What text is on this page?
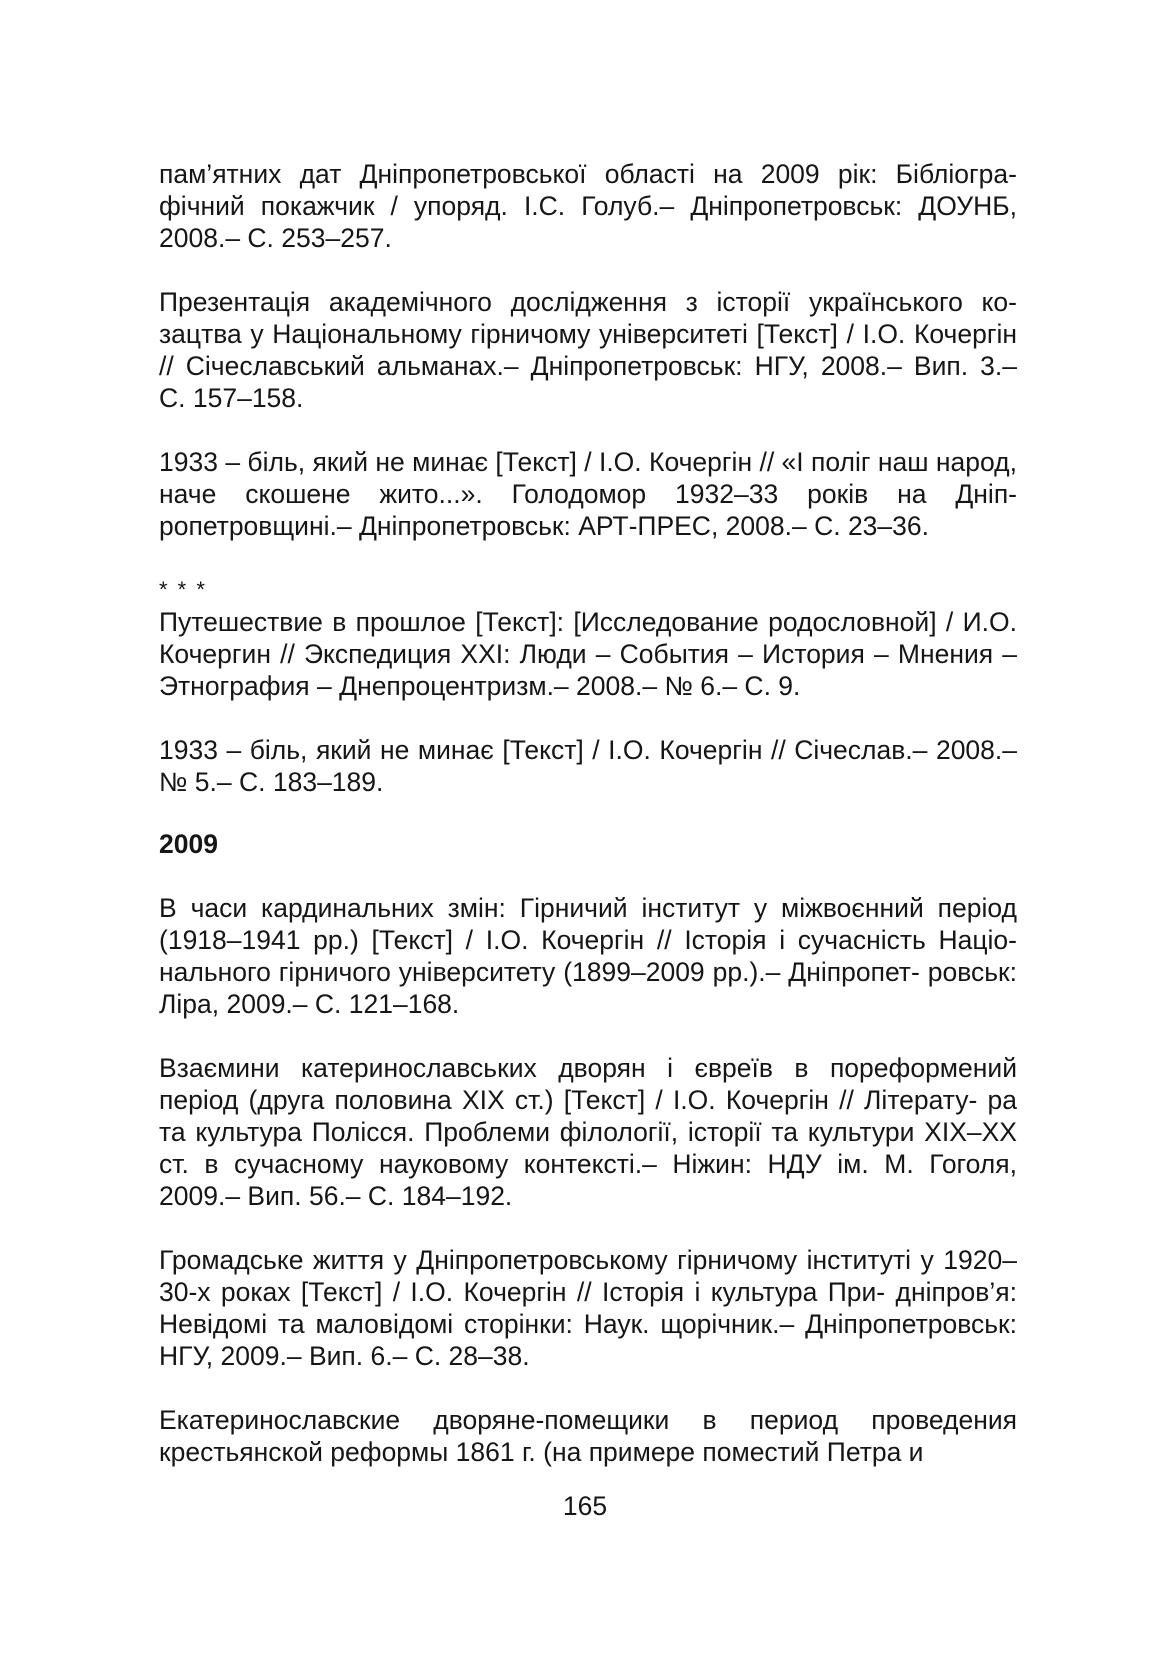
пам’ятних дат Дніпропетровської області на 2009 рік: Бібліогра- фічний покажчик / упоряд. І.С. Голуб.– Дніпропетровськ: ДОУНБ, 2008.– С. 253–257.

Презентація академічного дослідження з історії українського ко- зацтва у Національному гірничому університеті [Текст] / І.О. Кочергін // Січеславський альманах.– Дніпропетровськ: НГУ, 2008.– Вип. 3.– С. 157–158.

1933 – біль, який не минає [Текст] / І.О. Кочергін // «І поліг наш народ, наче скошене жито...». Голодомор 1932–33 років на Дніп- ропетровщині.– Дніпропетровськ: АРТ-ПРЕС, 2008.– С. 23–36.

* * *

Путешествие в прошлое [Текст]: [Исследование родословной] / И.О. Кочергин // Экспедиция XXI: Люди – События – История – Мнения – Этнография – Днепроцентризм.– 2008.– № 6.– С. 9.

1933 – біль, який не минає [Текст] / І.О. Кочергін // Січеслав.– 2008.– № 5.– С. 183–189.

2009

В часи кардинальних змін: Гірничий інститут у міжвоєнний період (1918–1941 рр.) [Текст] / І.О. Кочергін // Історія і сучасність Націо- нального гірничого університету (1899–2009 рр.).– Дніпропет- ровськ: Ліра, 2009.– С. 121–168.

Взаємини катеринославських дворян і євреїв в пореформений період (друга половина XIX ст.) [Текст] / І.О. Кочергін // Літерату- ра та культура Полісся. Проблеми філології, історії та культури XIX–XX ст. в сучасному науковому контексті.– Ніжин: НДУ ім. М. Гоголя, 2009.– Вип. 56.– С. 184–192.

Громадське життя у Дніпропетровському гірничому інституті у 1920–30-х роках [Текст] / І.О. Кочергін // Історія і культура При- дніпров’я: Невідомі та маловідомі сторінки: Наук. щорічник.– Дніпропетровськ: НГУ, 2009.– Вип. 6.– С. 28–38.

Екатеринославские дворяне-помещики в период проведения крестьянской реформы 1861 г. (на примере поместий Петра и

165
